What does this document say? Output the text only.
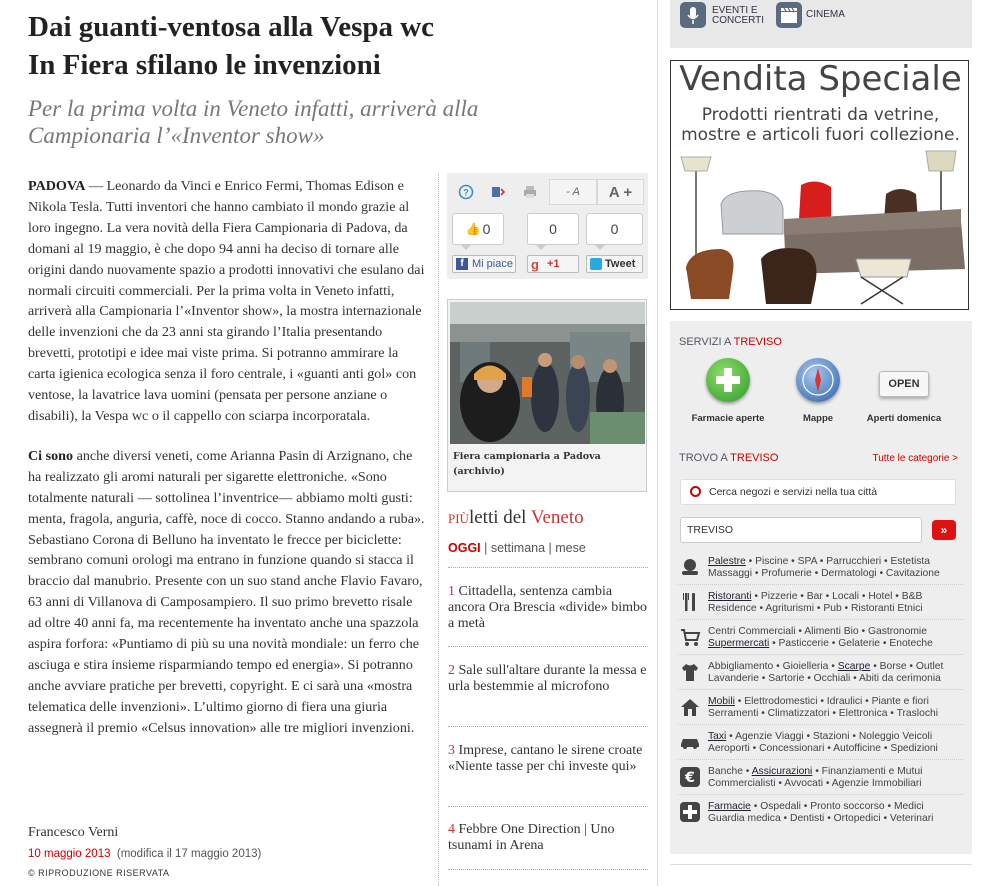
Dai guanti-ventosa alla Vespa wc
In Fiera sfilano le invenzioni
Per la prima volta in Veneto infatti, arriverà alla
Campionaria l’«Inventor show»

PADOVA — Leonardo da Vinci e Enrico Fermi, Thomas Edison e Nikola Tesla. Tutti inventori che hanno cambiato il mondo grazie al loro ingegno. La vera novità della Fiera Campionaria di Padova, da domani al 19 maggio, è che dopo 94 anni ha deciso di tornare alle origini dando nuovamente spazio a prodotti innovativi che esulano dai normali circuiti commerciali. Per la prima volta in Veneto infatti, arriverà alla Campionaria l’«Inventor show», la mostra internazionale delle invenzioni che da 23 anni sta girando l’Italia presentando brevetti, prototipi e idee mai viste prima. Si potranno ammirare la carta igienica ecologica senza il foro centrale, i «guanti anti gol» con ventose, la lavatrice lava uomini (pensata per persone anziane o disabili), la Vespa wc o il cappello con sciarpa incorporatala.

Ci sono anche diversi veneti, come Arianna Pasin di Arzignano, che ha realizzato gli aromi naturali per sigarette elettroniche. «Sono totalmente naturali — sottolinea l’inventrice— abbiamo molti gusti: menta, fragola, anguria, caffè, noce di cocco. Stanno andando a ruba». Sebastiano Corona di Belluno ha inventato le frecce per biciclette: sembrano comuni orologi ma entrano in funzione quando si stacca il braccio dal manubrio. Presente con un suo stand anche Flavio Favaro, 63 anni di Villanova di Camposampiero. Il suo primo brevetto risale ad oltre 40 anni fa, ma recentemente ha inventato anche una spazzola aspira forfora: «Puntiamo di più su una novità mondiale: un ferro che asciuga e stira insieme risparmiando tempo ed energia». Si potranno anche avviare pratiche per brevetti, copyright. E ci sarà una «mostra telematica delle invenzioni». L’ultimo giorno di fiera una giuria assegnerà il premio «Celsus innovation» alle tre migliori invenzioni.

Francesco Verni
10 maggio 2013 (modifica il 17 maggio 2013)
© RIPRODUZIONE RISERVATA
?	- A	A +
👍 0	0	0
f Mi piace g +1	Tweet
Fiera campionaria a Padova (archivio)
PIÙletti del Veneto
OGGI | settimana | mese
1 Cittadella, sentenza cambia ancora Ora Brescia «divide» bimbo a metà
2 Sale sull'altare durante la messa e urla bestemmie al microfono
3 Imprese, cantano le sirene croate «Niente tasse per chi investe qui»
4 Febbre One Direction | Uno tsunami in Arena
EVENTI E
CONCERTI
CINEMA
Vendita Speciale
Prodotti rientrati da vetrine,
mostre e articoli fuori collezione.
SERVIZI A TREVISO
Farmacie aperte	Mappe
OPEN
Aperti domenica
TROVO A TREVISO	Tutte le categorie >
Cerca negozi e servizi nella tua città
TREVISO	»
Palestre • Piscine • SPA • Parrucchieri • Estetista Massaggi • Profumerie • Dermatologi • Cavitazione
Ristoranti • Pizzerie • Bar • Locali • Hotel • B&B Residence • Agriturismi • Pub • Ristoranti Etnici
Centri Commerciali • Alimenti Bio • Gastronomie Supermercati • Pasticcerie • Gelaterie • Enoteche
Abbigliamento • Gioielleria • Scarpe • Borse • Outlet Lavanderie • Sartorie • Occhiali • Abiti da cerimonia
Mobili • Elettrodomestici • Idraulici • Piante e fiori Serramenti • Climatizzatori • Elettronica • Traslochi
Taxi • Agenzie Viaggi • Stazioni • Noleggio Veicoli Aeroporti • Concessionari • Autofficine • Spedizioni
€ Banche • Assicurazioni • Finanziamenti e Mutui Commercialisti • Avvocati • Agenzie Immobiliari
Farmacie • Ospedali • Pronto soccorso • Medici Guardia medica • Dentisti • Ortopedici • Veterinari
